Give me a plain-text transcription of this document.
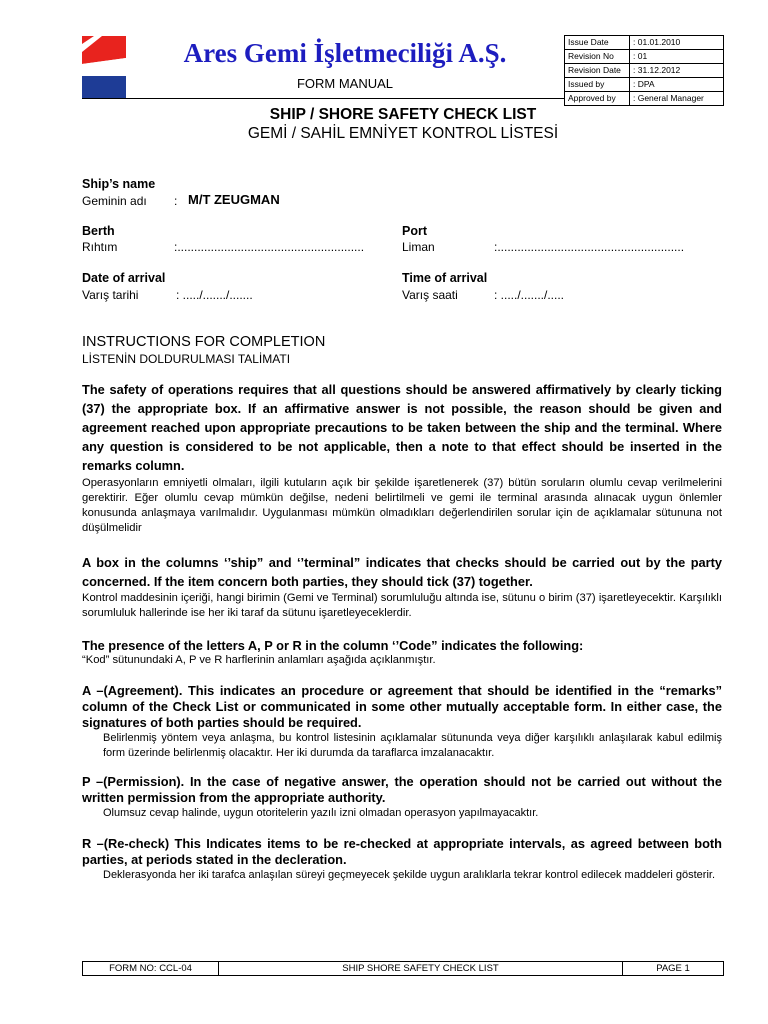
Ares Gemi İşletmeciliği A.Ş.
FORM MANUAL
Issue Date	: 01.01.2010
Revision No	: 01
Revision Date	: 31.12.2012
Issued by	: DPA
Approved by	: General Manager
SHIP / SHORE SAFETY CHECK LIST
GEMİ / SAHİL EMNİYET KONTROL LİSTESİ
Ship’s name
Geminin adı : M/T ZEUGMAN
Berth
Rıhtım	:........................................................
Port
Liman	:........................................................
Date of arrival
Varış tarihi	: ...../......./.......
Time of arrival
Varış saati	: ...../......./.....
INSTRUCTIONS FOR COMPLETION
LİSTENİN DOLDURULMASI TALİMATI
The safety of operations requires that all questions should be answered affirmatively by clearly ticking (37) the appropriate box. If an affirmative answer is not possible, the reason should be given and agreement reached upon appropriate precautions to be taken between the ship and the terminal. Where any question is considered to be not applicable, then a note to that effect should be inserted in the remarks column.
Operasyonların emniyetli olmaları, ilgili kutuların açık bir şekilde işaretlenerek (37) bütün soruların olumlu cevap verilmelerini gerektirir. Eğer olumlu cevap mümkün değilse, nedeni belirtilmeli ve gemi ile terminal arasında alınacak uygun önlemler konusunda anlaşmaya varılmalıdır. Uygulanması mümkün olmadıkları değerlendirilen sorular için de açıklamalar sütununa not düşülmelidir
A box in the columns ‘’ship” and ‘’terminal” indicates that checks should be carried out by the party concerned. If the item concern both parties, they should tick (37) together.
Kontrol maddesinin içeriği, hangi birimin (Gemi ve Terminal) sorumluluğu altında ise, sütunu o birim (37) işaretleyecektir. Karşılıklı sorumluluk hallerinde ise her iki taraf da sütunu işaretleyeceklerdir.
The presence of the letters A, P or R in the column ‘’Code” indicates the following:
“Kod” sütunundaki A, P ve R harflerinin anlamları aşağıda açıklanmıştır.
A –(Agreement). This indicates an procedure or agreement that should be identified in the “remarks” column of the Check List or communicated in some other mutually acceptable form. In either case, the signatures of both parties should be required.
Belirlenmiş yöntem veya anlaşma, bu kontrol listesinin açıklamalar sütununda veya diğer karşılıklı anlaşılarak kabul edilmiş form üzerinde belirlenmiş olacaktır. Her iki durumda da taraflarca imzalanacaktır.
P –(Permission). In the case of negative answer, the operation should not be carried out without the written permission from the appropriate authority.
Olumsuz cevap halinde, uygun otoritelerin yazılı izni olmadan operasyon yapılmayacaktır.
R –(Re-check) This Indicates items to be re-checked at appropriate intervals, as agreed between both parties, at periods stated in the decleration.
Deklerasyonda her iki tarafca anlaşılan süreyi geçmeyecek şekilde uygun aralıklarla tekrar kontrol edilecek maddeleri gösterir.
FORM NO: CCL-04	SHIP SHORE SAFETY CHECK LIST	PAGE 1
